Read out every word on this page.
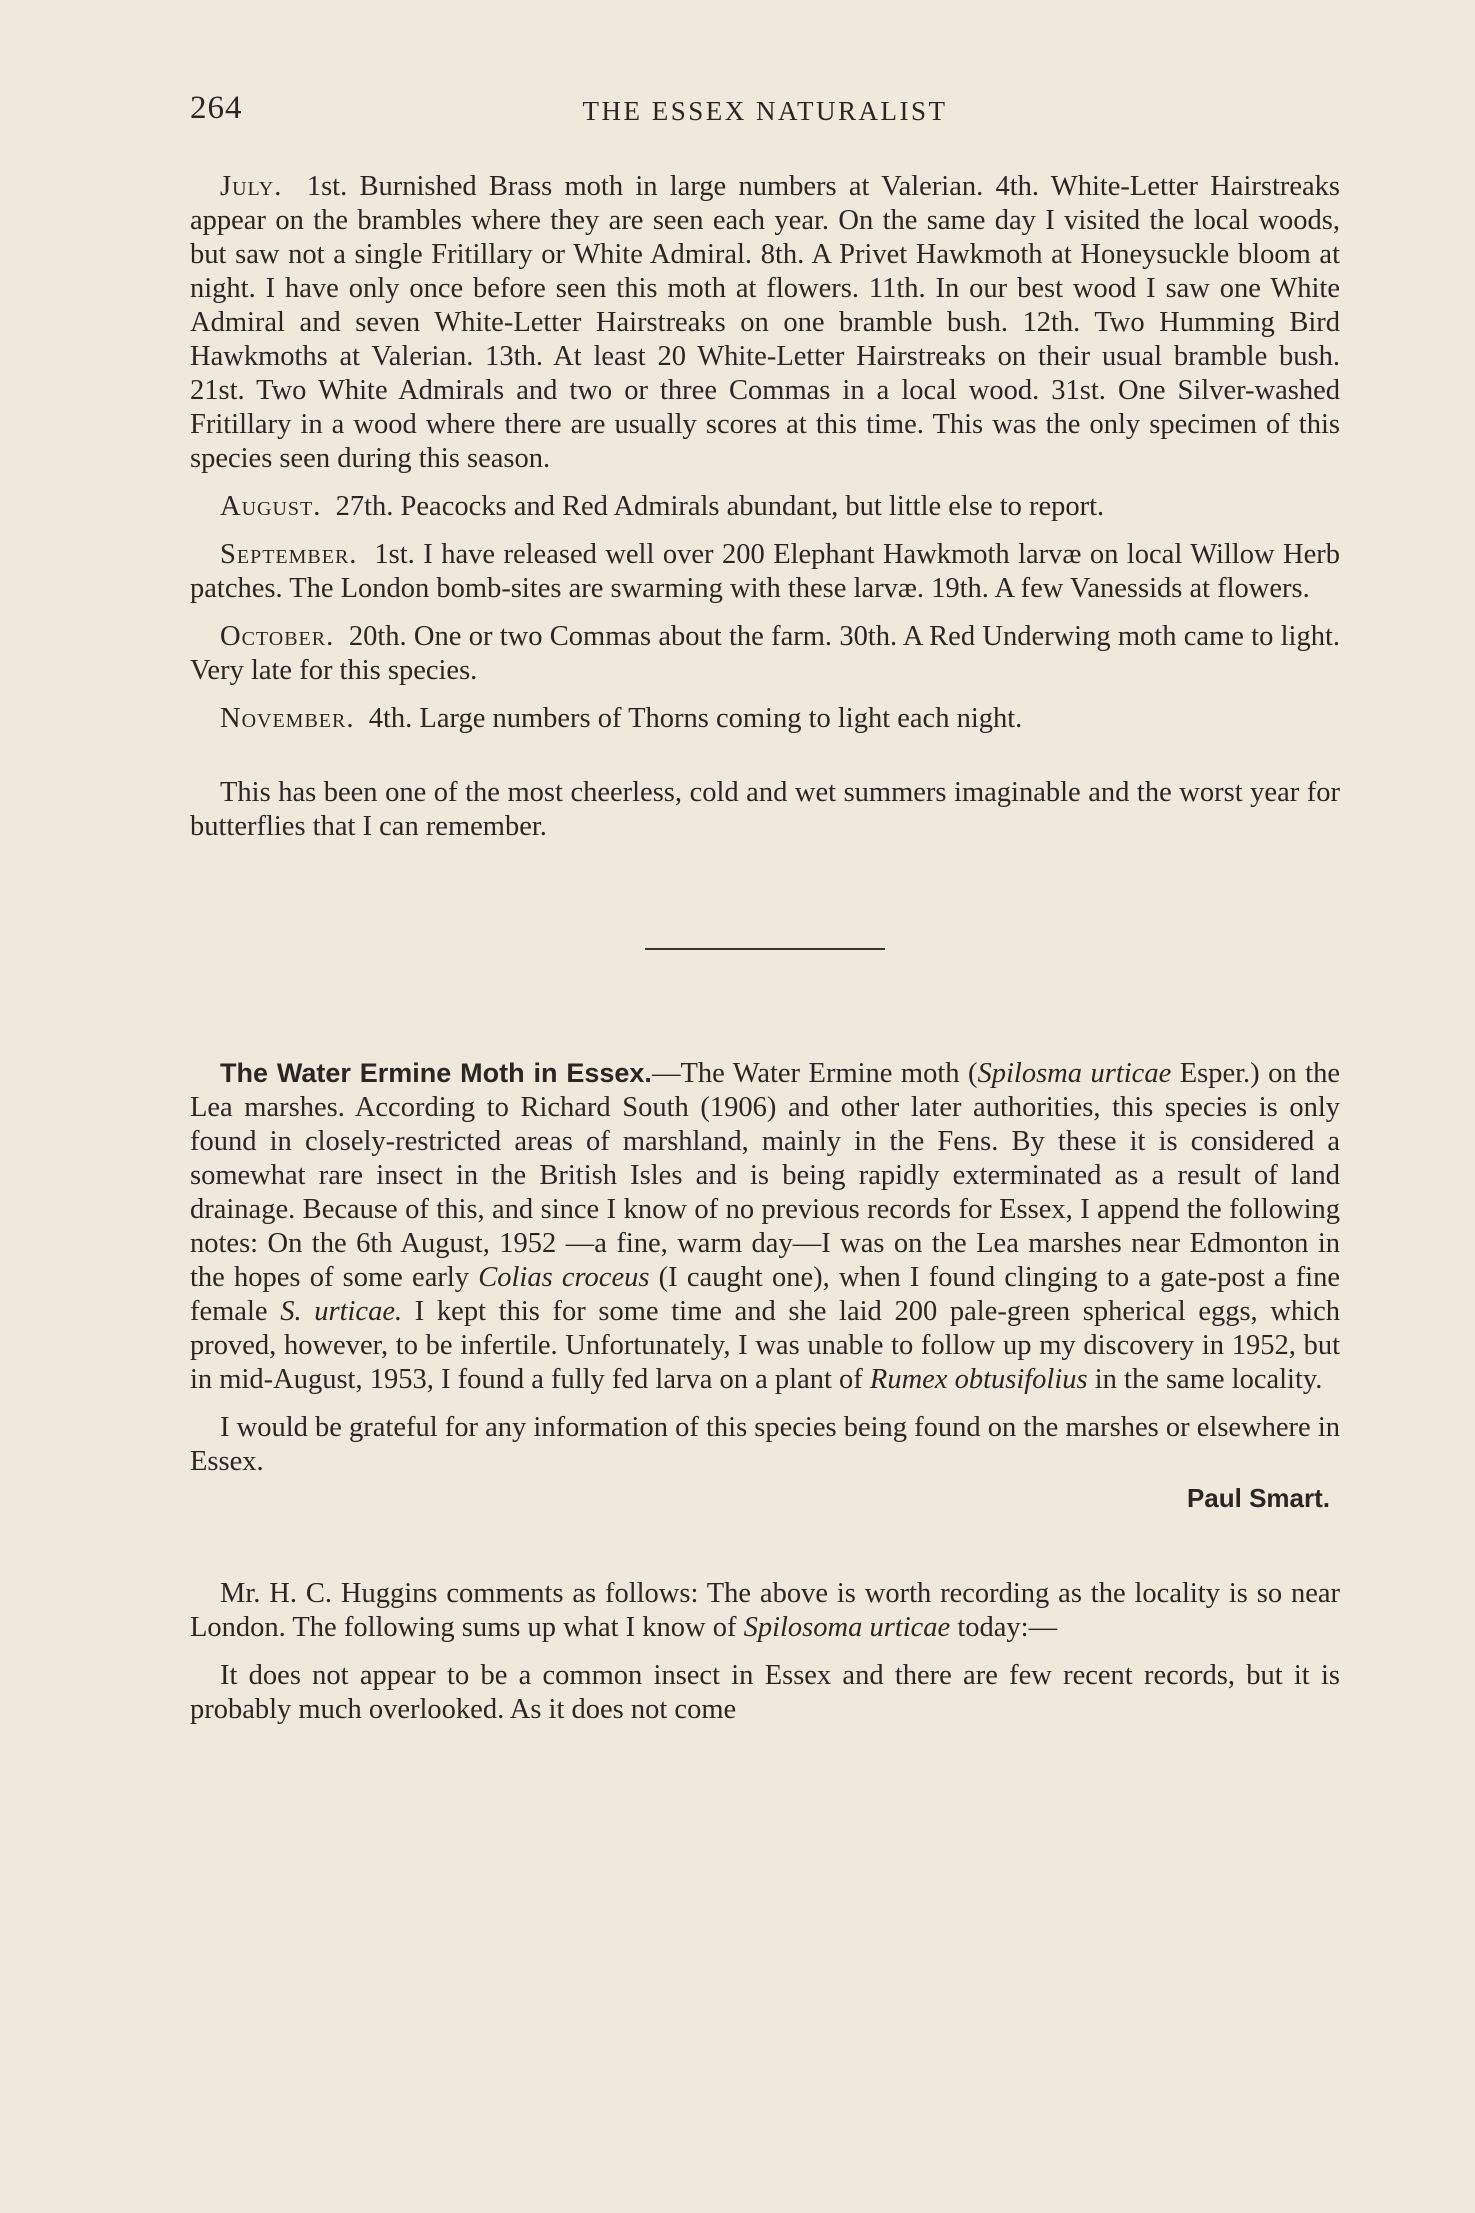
264	THE ESSEX NATURALIST

July. 1st. Burnished Brass moth in large numbers at Valerian. 4th. White-Letter Hairstreaks appear on the brambles where they are seen each year. On the same day I visited the local woods, but saw not a single Fritillary or White Admiral. 8th. A Privet Hawkmoth at Honeysuckle bloom at night. I have only once before seen this moth at flowers. 11th. In our best wood I saw one White Admiral and seven White-Letter Hairstreaks on one bramble bush. 12th. Two Humming Bird Hawkmoths at Valerian. 13th. At least 20 White-Letter Hairstreaks on their usual bramble bush. 21st. Two White Admirals and two or three Commas in a local wood. 31st. One Silver-washed Fritillary in a wood where there are usually scores at this time. This was the only specimen of this species seen during this season.

August. 27th. Peacocks and Red Admirals abundant, but little else to report.

September. 1st. I have released well over 200 Elephant Hawkmoth larvæ on local Willow Herb patches. The London bomb-sites are swarming with these larvæ. 19th. A few Vanessids at flowers.

October. 20th. One or two Commas about the farm. 30th. A Red Underwing moth came to light. Very late for this species.

November. 4th. Large numbers of Thorns coming to light each night.

This has been one of the most cheerless, cold and wet summers imaginable and the worst year for butterflies that I can remember.

The Water Ermine Moth in Essex.—The Water Ermine moth (Spilosma urticae Esper.) on the Lea marshes. According to Richard South (1906) and other later authorities, this species is only found in closely-restricted areas of marshland, mainly in the Fens. By these it is considered a somewhat rare insect in the British Isles and is being rapidly exterminated as a result of land drainage. Because of this, and since I know of no previous records for Essex, I append the following notes: On the 6th August, 1952 —a fine, warm day—I was on the Lea marshes near Edmonton in the hopes of some early Colias croceus (I caught one), when I found clinging to a gate-post a fine female S. urticae. I kept this for some time and she laid 200 pale-green spherical eggs, which proved, however, to be infertile. Unfortunately, I was unable to follow up my discovery in 1952, but in mid-August, 1953, I found a fully fed larva on a plant of Rumex obtusifolius in the same locality.

I would be grateful for any information of this species being found on the marshes or elsewhere in Essex.

Paul Smart.

Mr. H. C. Huggins comments as follows: The above is worth recording as the locality is so near London. The following sums up what I know of Spilosoma urticae today:—

It does not appear to be a common insect in Essex and there are few recent records, but it is probably much overlooked. As it does not come
